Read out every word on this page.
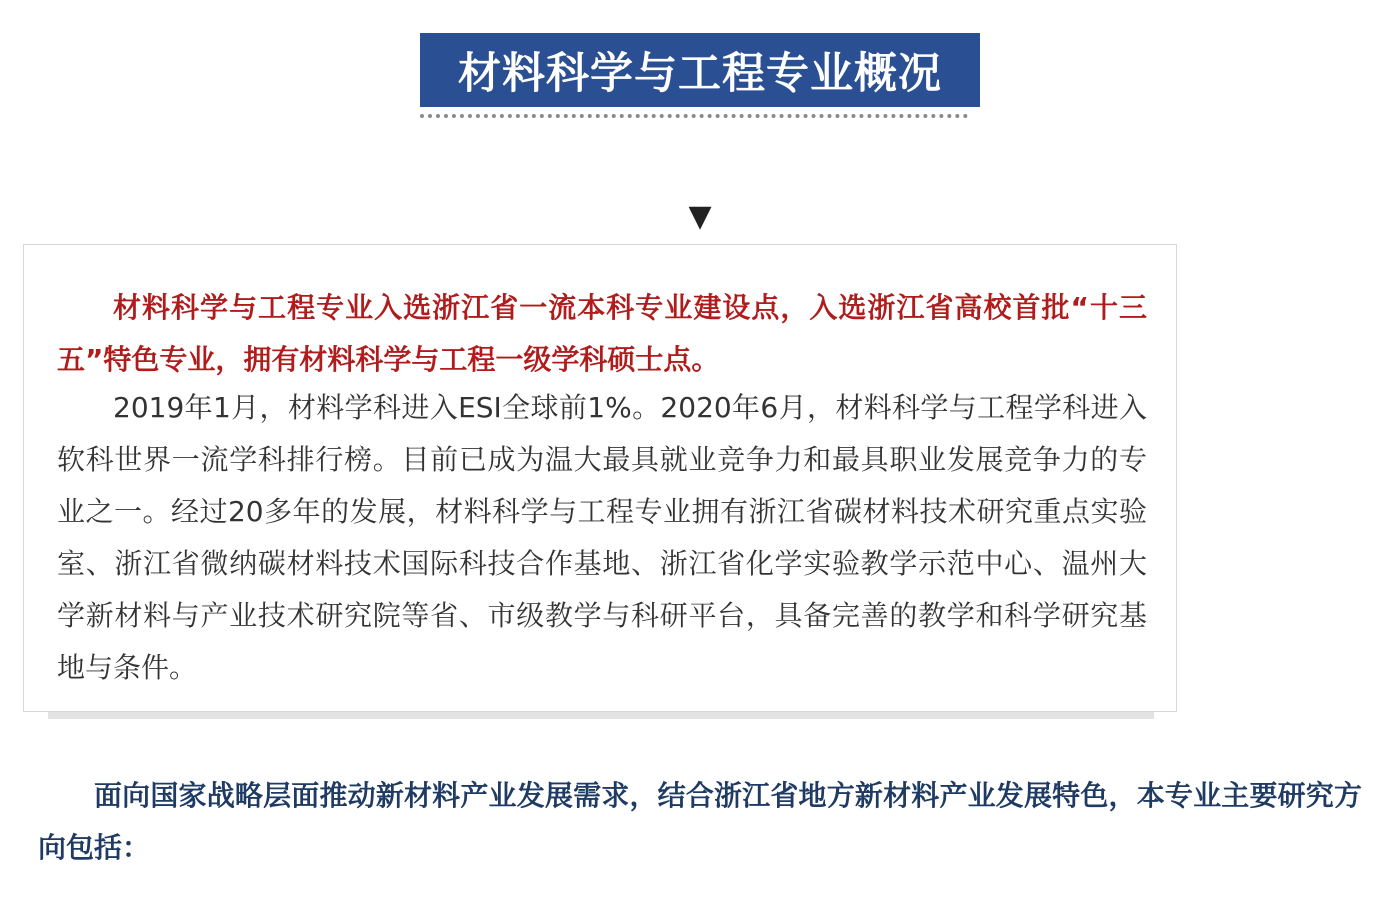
材料科学与工程专业概况
▼

材料科学与工程专业入选浙江省一流本科专业建设点，入选浙江省高校首批“十三五”特色专业，拥有材料科学与工程一级学科硕士点。

2019年1月，材料学科进入ESI全球前1%。2020年6月，材料科学与工程学科进入软科世界一流学科排行榜。目前已成为温大最具就业竞争力和最具职业发展竞争力的专业之一。经过20多年的发展，材料科学与工程专业拥有浙江省碳材料技术研究重点实验室、浙江省微纳碳材料技术国际科技合作基地、浙江省化学实验教学示范中心、温州大学新材料与产业技术研究院等省、市级教学与科研平台，具备完善的教学和科学研究基地与条件。

面向国家战略层面推动新材料产业发展需求，结合浙江省地方新材料产业发展特色，本专业主要研究方向包括：
